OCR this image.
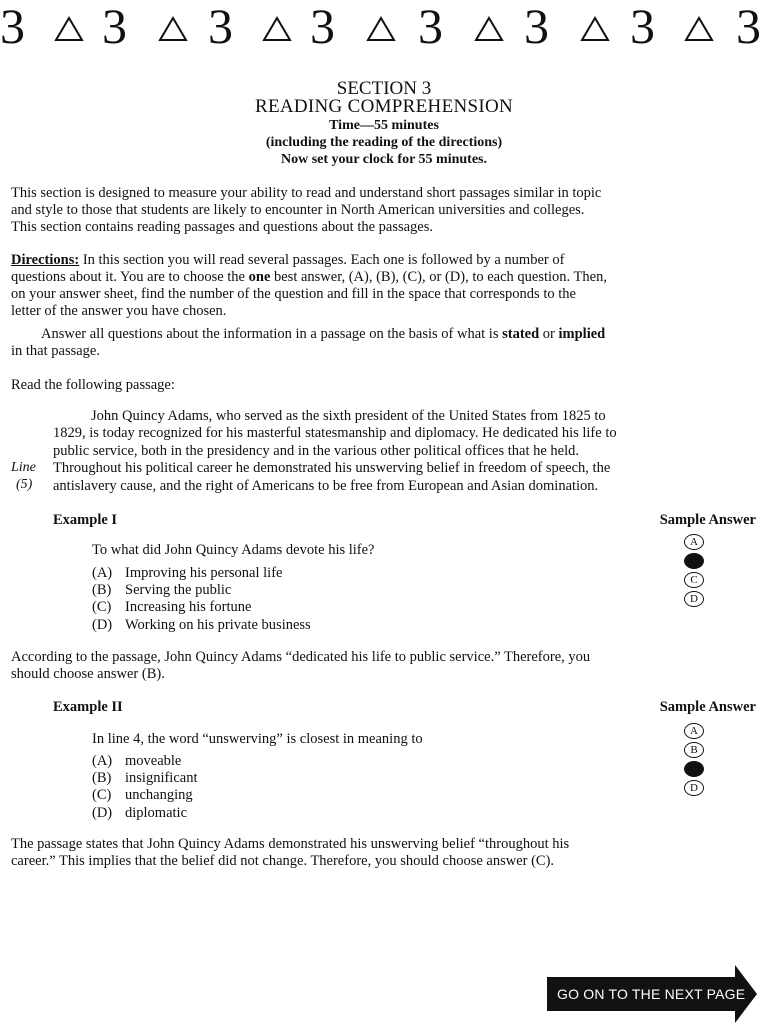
3 3 3 3 3 3 3 3
SECTION 3
READING COMPREHENSION
Time—55 minutes
(including the reading of the directions)
Now set your clock for 55 minutes.
This section is designed to measure your ability to read and understand short passages similar in topic
and style to those that students are likely to encounter in North American universities and colleges.
This section contains reading passages and questions about the passages.
Directions: In this section you will read several passages. Each one is followed by a number of
questions about it. You are to choose the one best answer, (A), (B), (C), or (D), to each question. Then,
on your answer sheet, find the number of the question and fill in the space that corresponds to the
letter of the answer you have chosen.
Answer all questions about the information in a passage on the basis of what is stated or implied
in that passage.
Read the following passage:
John Quincy Adams, who served as the sixth president of the United States from 1825 to
1829, is today recognized for his masterful statesmanship and diplomacy. He dedicated his life to
public service, both in the presidency and in the various other political offices that he held.
Throughout his political career he demonstrated his unswerving belief in freedom of speech, the
antislavery cause, and the right of Americans to be free from European and Asian domination.
Line
(5)
Example I	Sample Answer
To what did John Quincy Adams devote his life?
(A) Improving his personal life
(B) Serving the public
(C) Increasing his fortune
(D) Working on his private business
A
B
C
D
According to the passage, John Quincy Adams “dedicated his life to public service.” Therefore, you
should choose answer (B).
Example II	Sample Answer
In line 4, the word “unswerving” is closest in meaning to
(A) moveable
(B) insignificant
(C) unchanging
(D) diplomatic
A
B
C
D
The passage states that John Quincy Adams demonstrated his unswerving belief “throughout his
career.” This implies that the belief did not change. Therefore, you should choose answer (C).
GO ON TO THE NEXT PAGE
